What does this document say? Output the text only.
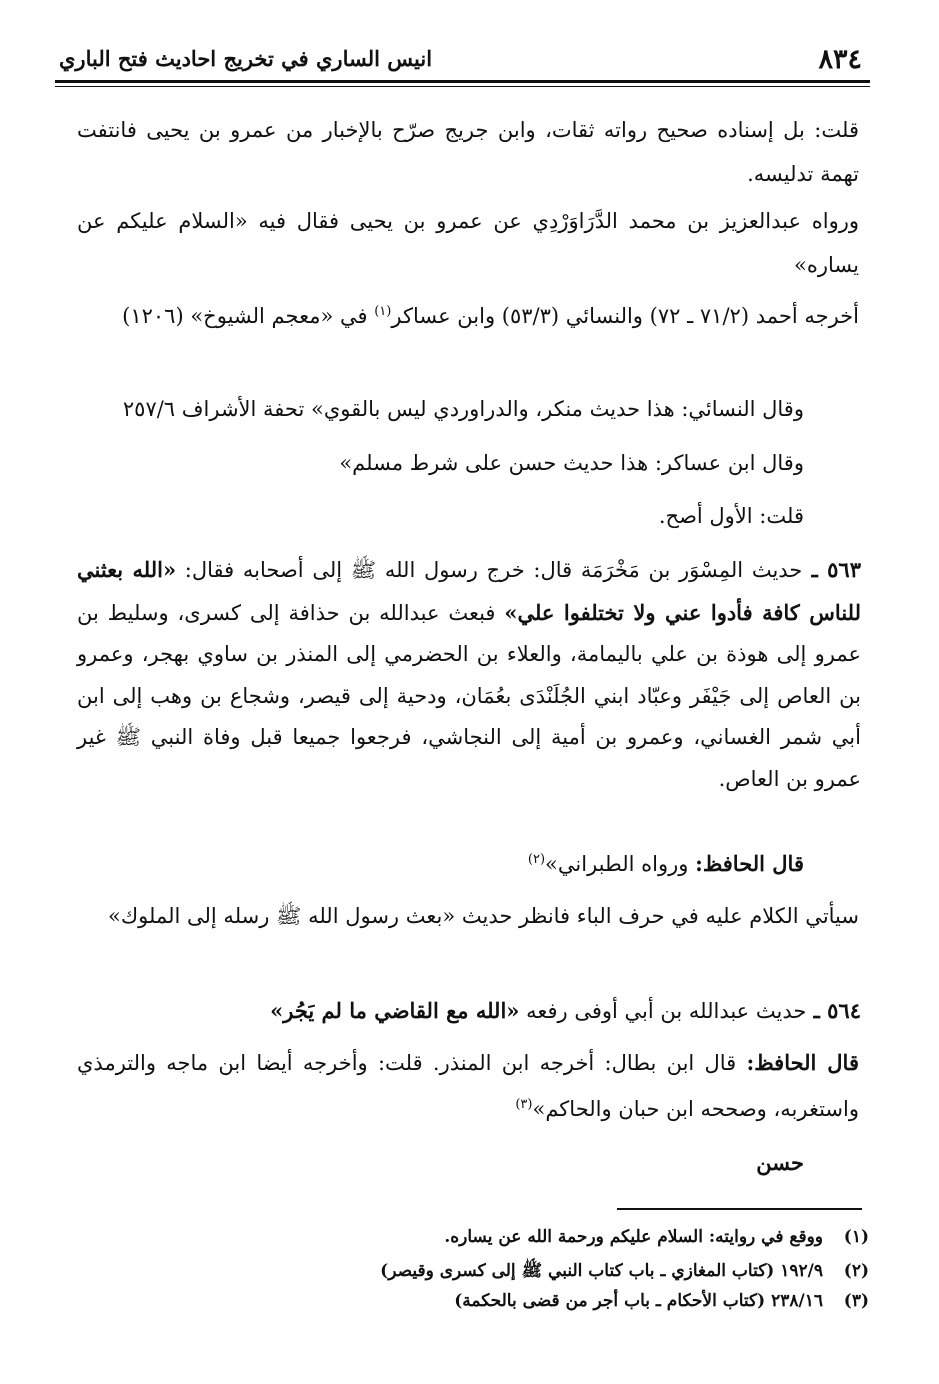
٨٣٤
انيس الساري في تخريج احاديث فتح الباري

قلت: بل إسناده صحيح رواته ثقات، وابن جريج صرّح بالإخبار من عمرو بن يحيى فانتفت تهمة تدليسه.

ورواه عبدالعزيز بن محمد الدَّرَاوَرْدِي عن عمرو بن يحيى فقال فيه «السلام عليكم عن يساره»

أخرجه أحمد (٧١/٢ ـ ٧٢) والنسائي (٥٣/٣) وابن عساكر$^{(١)}$ في «معجم الشيوخ» (١٢٠٦)

وقال النسائي: هذا حديث منكر، والدراوردي ليس بالقوي» تحفة الأشراف ٢٥٧/٦

وقال ابن عساكر: هذا حديث حسن على شرط مسلم»

قلت: الأول أصح.

٥٦٣ ـ حديث المِسْوَر بن مَخْرَمَة قال: خرج رسول الله ﷺ إلى أصحابه فقال: «الله بعثني للناس كافة فأدوا عني ولا تختلفوا علي» فبعث عبدالله بن حذافة إلى كسرى، وسليط بن عمرو إلى هوذة بن علي باليمامة، والعلاء بن الحضرمي إلى المنذر بن ساوي بهجر، وعمرو بن العاص إلى جَيْفَر وعبّاد ابني الجُلَنْدَى بعُمَان، ودحية إلى قيصر، وشجاع بن وهب إلى ابن أبي شمر الغساني، وعمرو بن أمية إلى النجاشي، فرجعوا جميعا قبل وفاة النبي ﷺ غير عمرو بن العاص.

قال الحافظ: ورواه الطبراني»$^{(٢)}$

سيأتي الكلام عليه في حرف الباء فانظر حديث «بعث رسول الله ﷺ رسله إلى الملوك»

٥٦٤ ـ حديث عبدالله بن أبي أوفى رفعه «الله مع القاضي ما لم يَجُر»

قال الحافظ: قال ابن بطال: أخرجه ابن المنذر. قلت: وأخرجه أيضا ابن ماجه والترمذي واستغربه، وصححه ابن حبان والحاكم»$^{(٣)}$

حسن

(١)ووقع في روايته: السلام عليكم ورحمة الله عن يساره.

(٢)١٩٢/٩ (كتاب المغازي ـ باب كتاب النبي ﷺ إلى كسرى وقيصر)

(٣)٢٣٨/١٦ (كتاب الأحكام ـ باب أجر من قضى بالحكمة)
